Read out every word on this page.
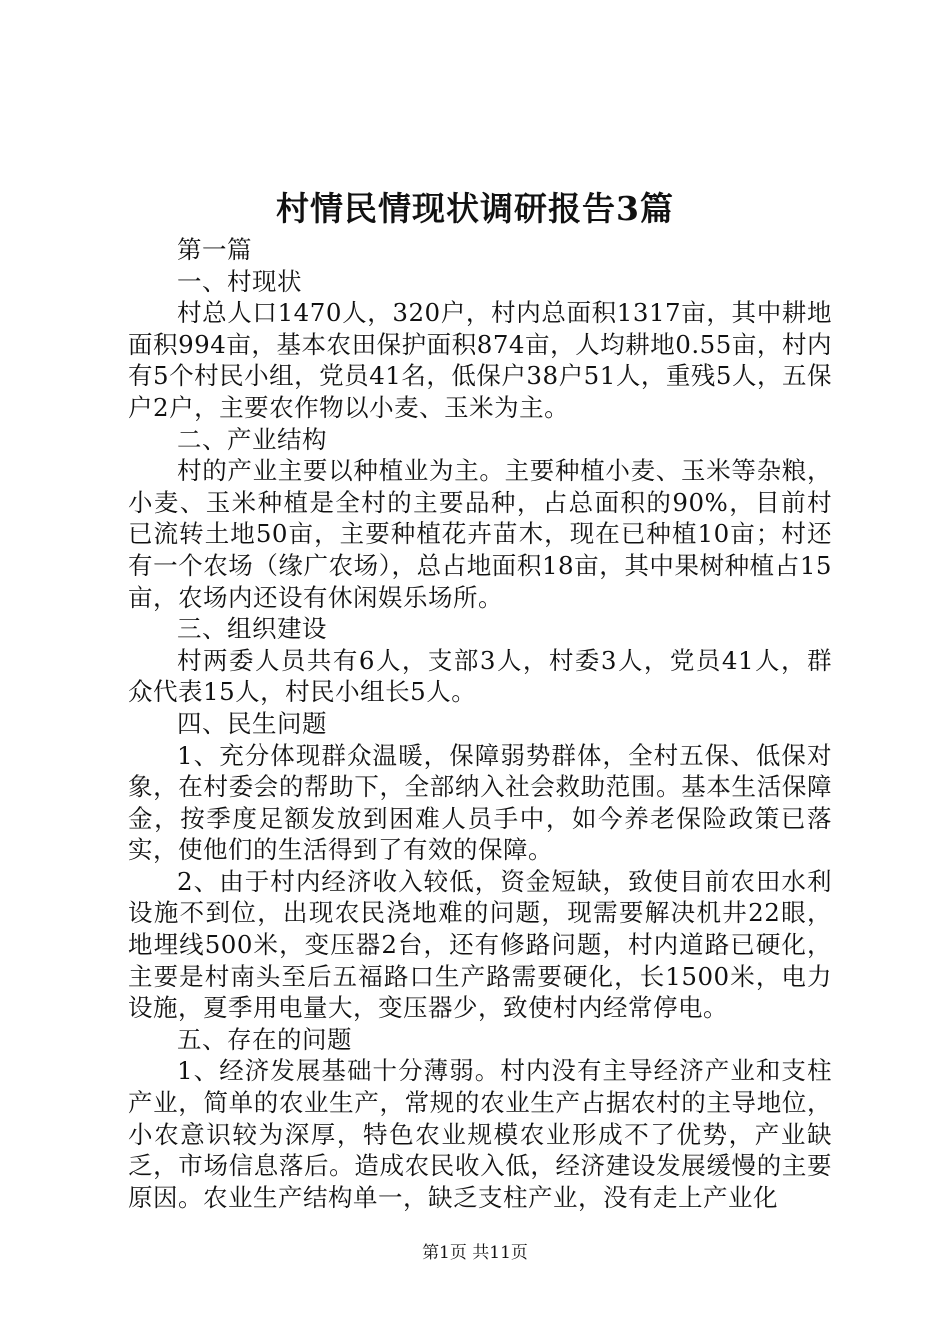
村情民情现状调研报告3篇

第一篇

一、村现状

村总人口1470人，320户，村内总面积1317亩，其中耕地面积994亩，基本农田保护面积874亩，人均耕地0.55亩，村内有5个村民小组，党员41名，低保户38户51人，重残5人，五保户2户，主要农作物以小麦、玉米为主。

二、产业结构

村的产业主要以种植业为主。主要种植小麦、玉米等杂粮，小麦、玉米种植是全村的主要品种，占总面积的90%，目前村已流转土地50亩，主要种植花卉苗木，现在已种植10亩；村还有一个农场（缘广农场），总占地面积18亩，其中果树种植占15亩，农场内还设有休闲娱乐场所。

三、组织建设

村两委人员共有6人，支部3人，村委3人，党员41人，群众代表15人，村民小组长5人。

四、民生问题

1、充分体现群众温暖，保障弱势群体，全村五保、低保对象，在村委会的帮助下，全部纳入社会救助范围。基本生活保障金，按季度足额发放到困难人员手中，如今养老保险政策已落实，使他们的生活得到了有效的保障。

2、由于村内经济收入较低，资金短缺，致使目前农田水利设施不到位，出现农民浇地难的问题，现需要解决机井22眼，地埋线500米，变压器2台，还有修路问题，村内道路已硬化，主要是村南头至后五福路口生产路需要硬化，长1500米，电力设施，夏季用电量大，变压器少，致使村内经常停电。

五、存在的问题

1、经济发展基础十分薄弱。村内没有主导经济产业和支柱产业，简单的农业生产，常规的农业生产占据农村的主导地位，小农意识较为深厚，特色农业规模农业形成不了优势，产业缺乏，市场信息落后。造成农民收入低，经济建设发展缓慢的主要原因。农业生产结构单一，缺乏支柱产业，没有走上产业化

第1页 共11页
